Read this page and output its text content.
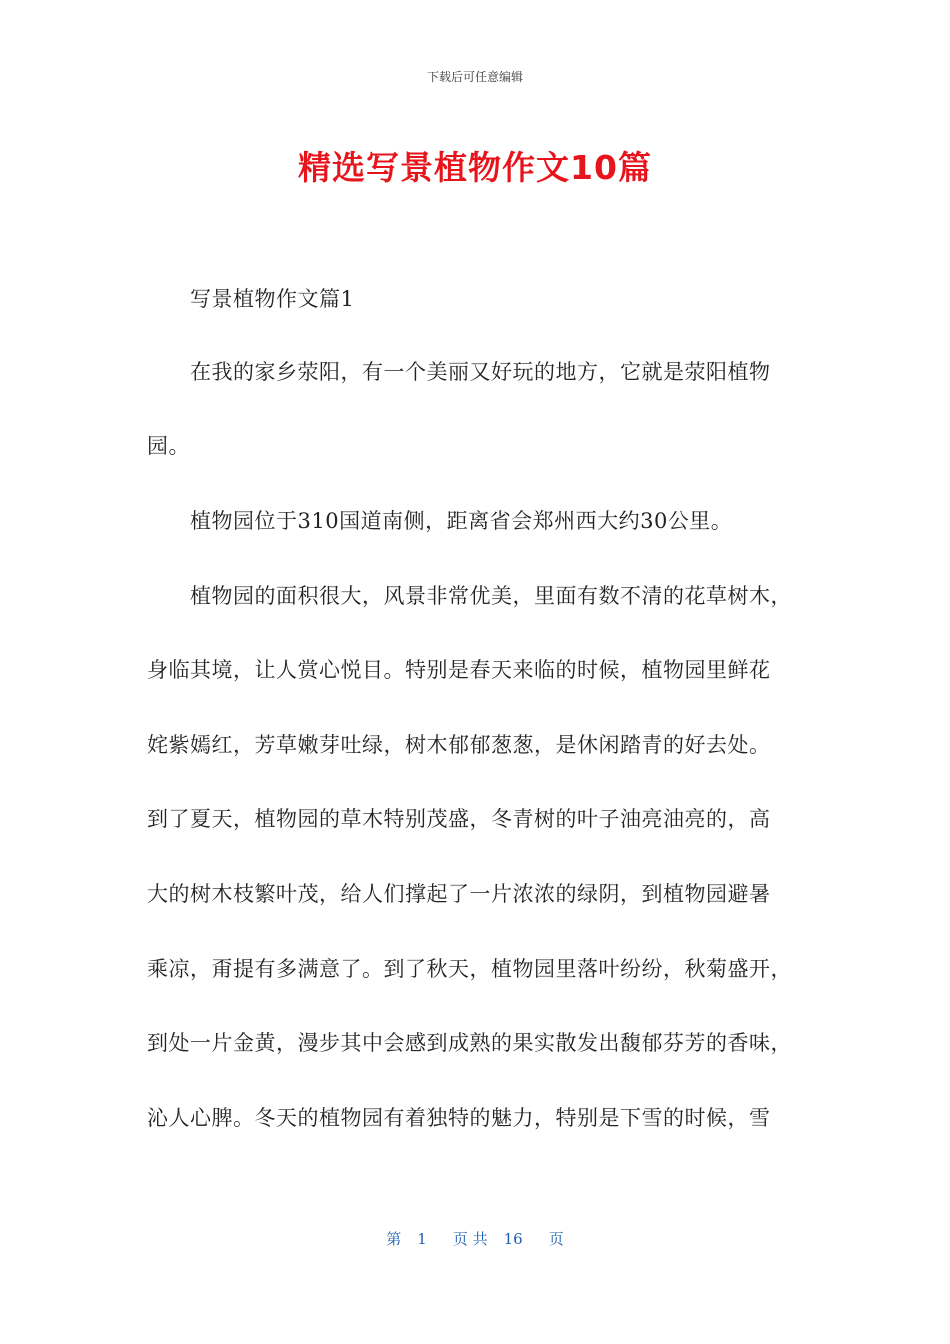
下载后可任意编辑
精选写景植物作文10篇
写景植物作文篇1
在我的家乡荥阳，有一个美丽又好玩的地方，它就是荥阳植物
园。
植物园位于310国道南侧，距离省会郑州西大约30公里。
植物园的面积很大，风景非常优美，里面有数不清的花草树木，
身临其境，让人赏心悦目。特别是春天来临的时候，植物园里鲜花
姹紫嫣红，芳草嫩芽吐绿，树木郁郁葱葱，是休闲踏青的好去处。
到了夏天，植物园的草木特别茂盛，冬青树的叶子油亮油亮的，高
大的树木枝繁叶茂，给人们撑起了一片浓浓的绿阴，到植物园避暑
乘凉，甭提有多满意了。到了秋天，植物园里落叶纷纷，秋菊盛开，
到处一片金黄，漫步其中会感到成熟的果实散发出馥郁芬芳的香味，
沁人心脾。冬天的植物园有着独特的魅力，特别是下雪的时候，雪
第 1 页 共 16 页
